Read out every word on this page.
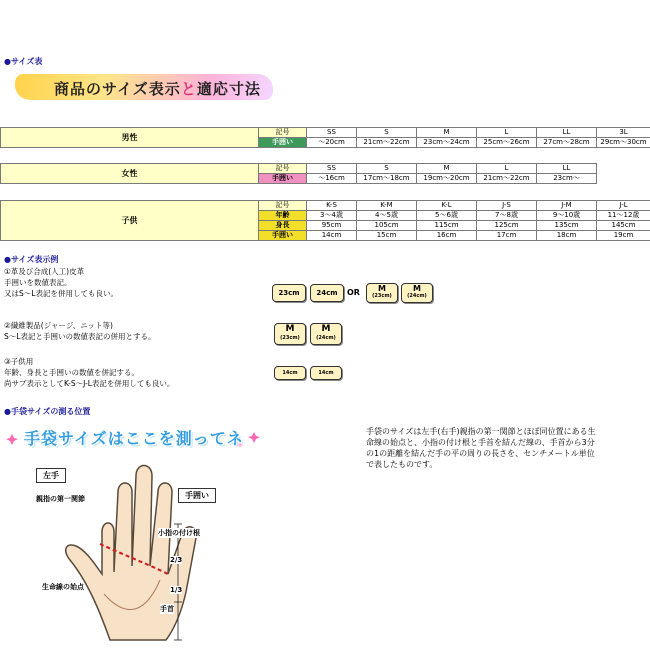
●サイズ表
商品のサイズ表示と適応寸法
男性	記号	SS	S	M	L	LL	3L
	手囲い	～20cm	21cm～22cm	23cm～24cm	25cm～26cm	27cm～28cm	29cm～30cm
女性	記号	SS	S	M	L	LL
	手囲い	～16cm	17cm～18cm	19cm～20cm	21cm～22cm	23cm～
子供	記号	K-S	K-M	K-L	J-S	J-M	J-L
	年齢	3～4歳	4～5歳	5～6歳	7～8歳	9～10歳	11～12歳
	身長	95cm	105cm	115cm	125cm	135cm	145cm
	手囲い	14cm	15cm	16cm	17cm	18cm	19cm
●サイズ表示例
①革及び合成(人工)皮革
手囲いを数値表記。
又はS～L表記を併用しても良い。	23cm	24cm	OR	M
(23cm)
M
(24cm)
②繊維製品(ジャージ、ニット等)
S～L表記と手囲いの数値表記の併用とする。
M
(23cm)
M
(24cm)
③子供用
年齢、身長と手囲いの数値を併記する。
尚サブ表示としてK-S～J-L表記を併用しても良い。
14cm	14cm
●手袋サイズの測る位置
手袋サイズはここを測ってネ
左手
親指の第一関節	手囲い
小指の付け根
2/3
1/3
生命線の始点
手首
手袋のサイズは左手(右手)親指の第一関節とほぼ同位置にある生命線の始点と、小指の付け根と手首を結んだ線の、手首から3分の1の距離を結んだ手の平の周りの長さを、センチメートル単位で表したものです。
